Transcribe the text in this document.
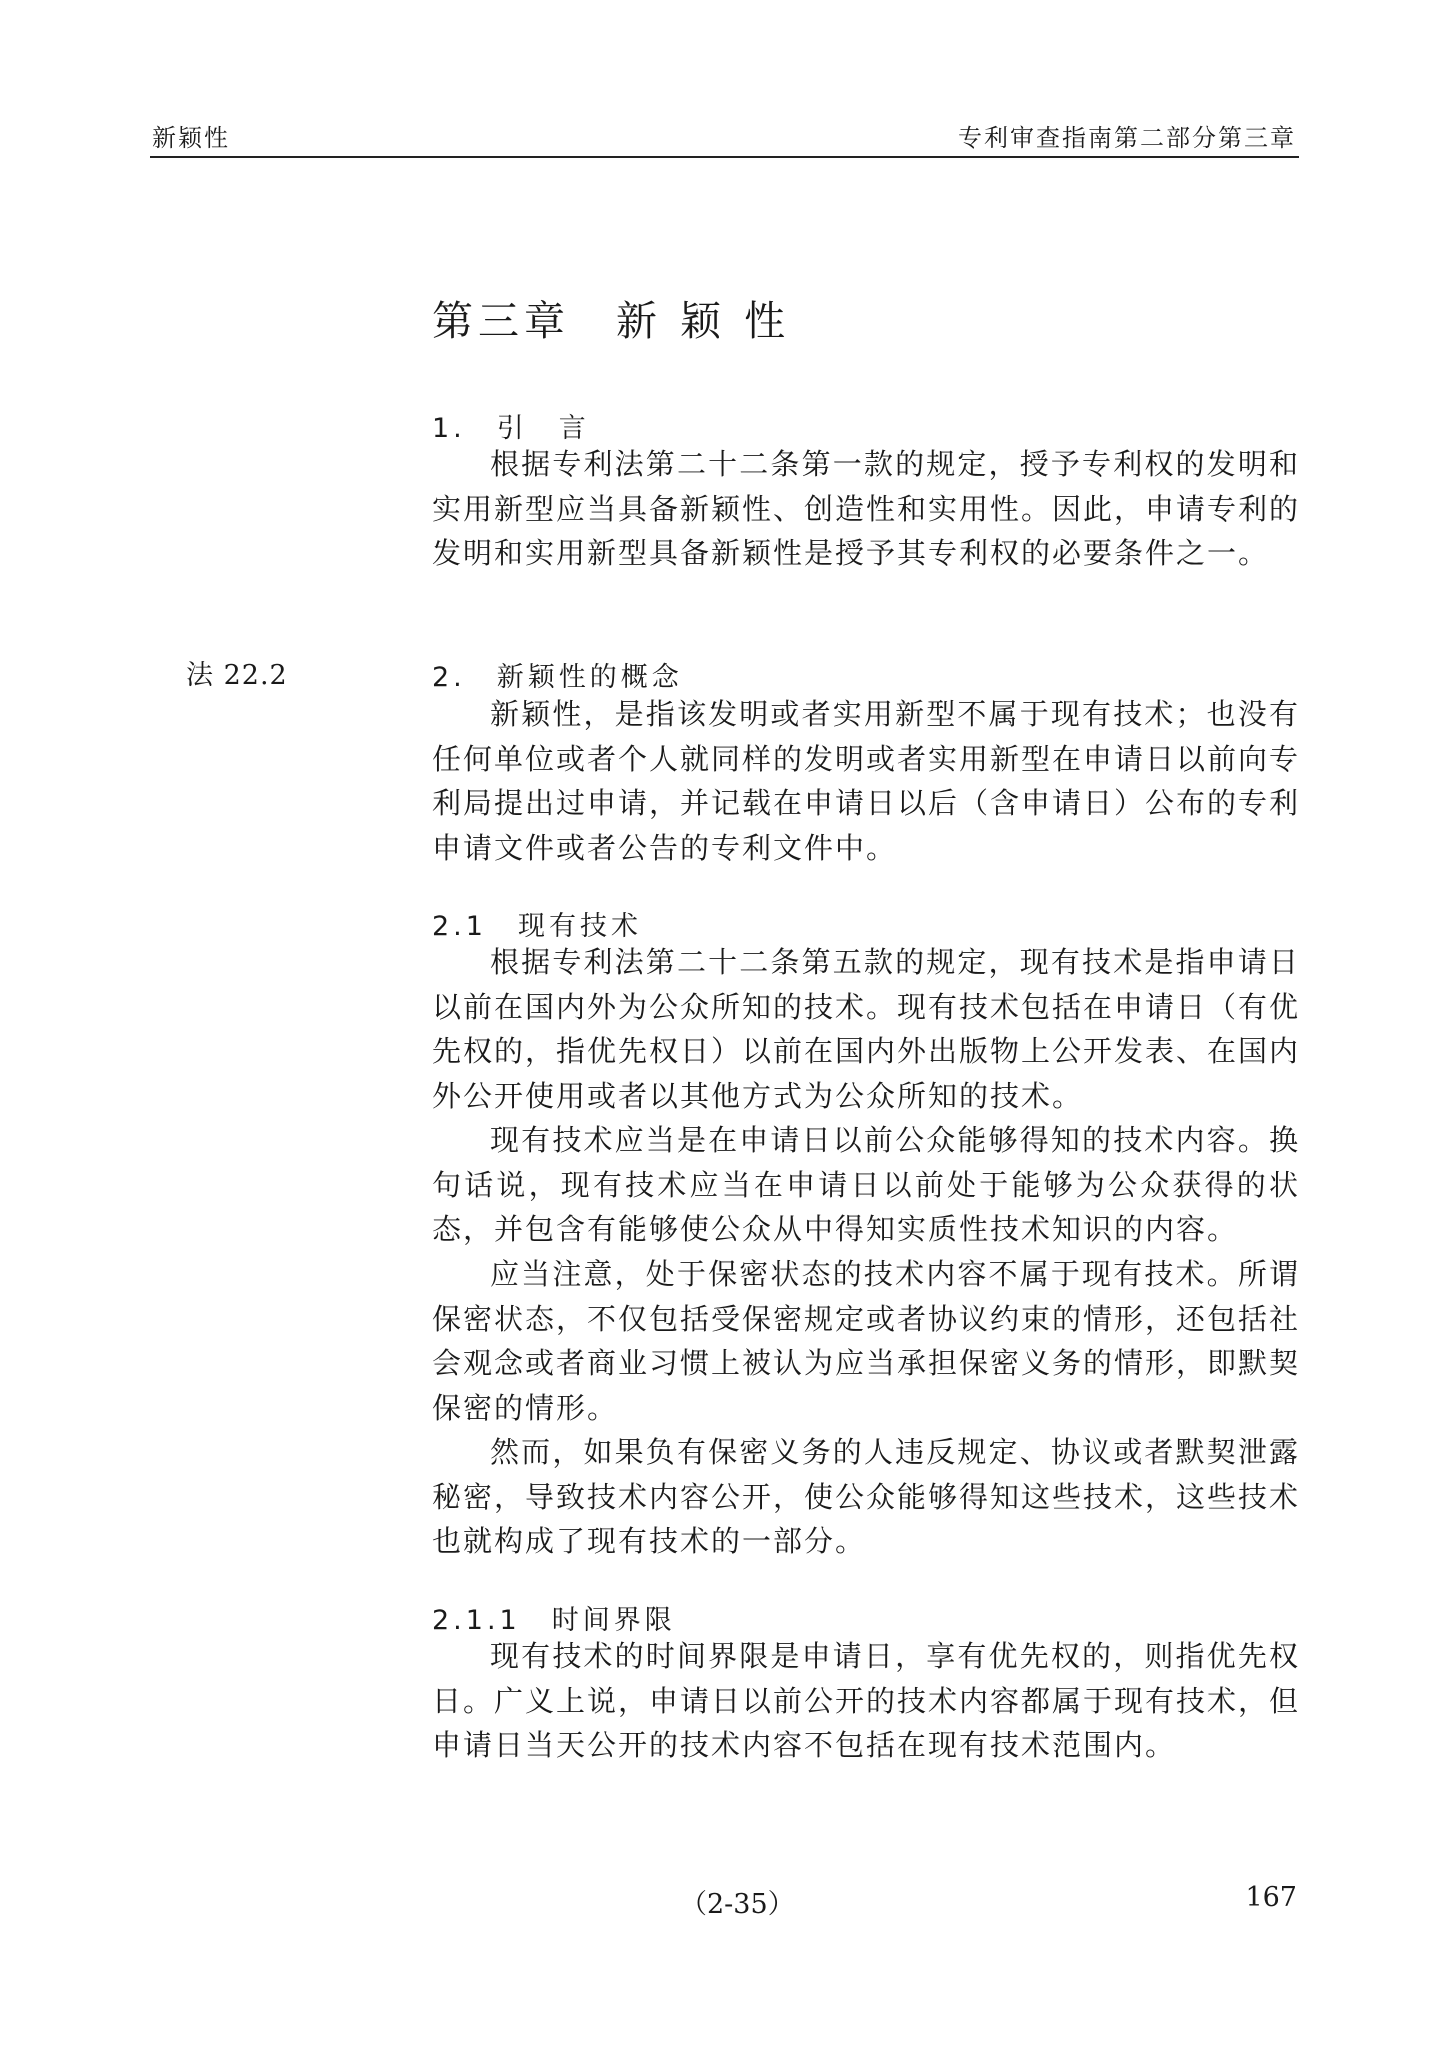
新颖性	专利审查指南第二部分第三章
第三章　新 颖 性
1.　引　言

根据专利法第二十二条第一款的规定，授予专利权的发明和实用新型应当具备新颖性、创造性和实用性。因此，申请专利的发明和实用新型具备新颖性是授予其专利权的必要条件之一。

法 22.2	2.　新颖性的概念

新颖性，是指该发明或者实用新型不属于现有技术；也没有任何单位或者个人就同样的发明或者实用新型在申请日以前向专利局提出过申请，并记载在申请日以后（含申请日）公布的专利申请文件或者公告的专利文件中。

2.1　现有技术

根据专利法第二十二条第五款的规定，现有技术是指申请日以前在国内外为公众所知的技术。现有技术包括在申请日（有优先权的，指优先权日）以前在国内外出版物上公开发表、在国内外公开使用或者以其他方式为公众所知的技术。

现有技术应当是在申请日以前公众能够得知的技术内容。换句话说，现有技术应当在申请日以前处于能够为公众获得的状态，并包含有能够使公众从中得知实质性技术知识的内容。

应当注意，处于保密状态的技术内容不属于现有技术。所谓保密状态，不仅包括受保密规定或者协议约束的情形，还包括社会观念或者商业习惯上被认为应当承担保密义务的情形，即默契保密的情形。

然而，如果负有保密义务的人违反规定、协议或者默契泄露秘密，导致技术内容公开，使公众能够得知这些技术，这些技术也就构成了现有技术的一部分。

2.1.1　时间界限

现有技术的时间界限是申请日，享有优先权的，则指优先权日。广义上说，申请日以前公开的技术内容都属于现有技术，但申请日当天公开的技术内容不包括在现有技术范围内。

（2-35）	167
